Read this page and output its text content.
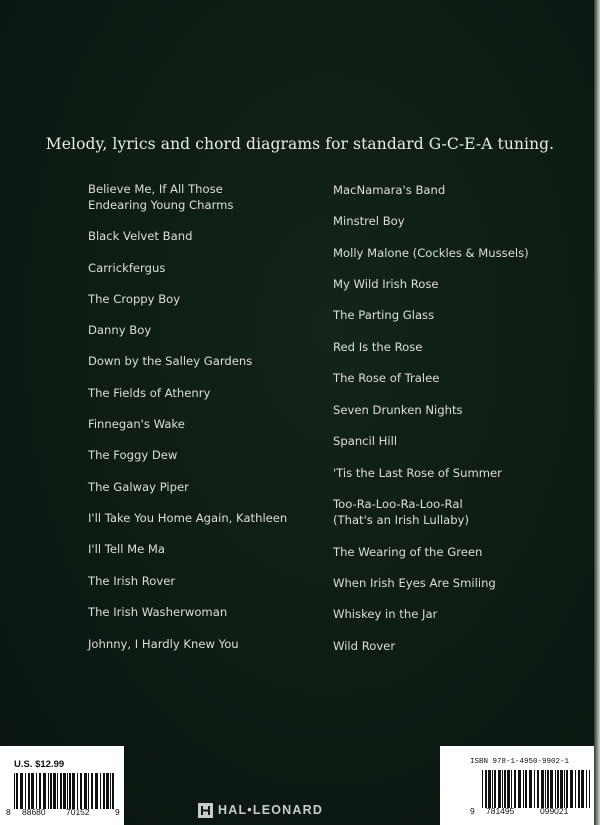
Melody, lyrics and chord diagrams for standard G-C-E-A tuning.
Believe Me, If All Those
Endearing Young Charms
Black Velvet Band
Carrickfergus
The Croppy Boy
Danny Boy
Down by the Salley Gardens
The Fields of Athenry
Finnegan's Wake
The Foggy Dew
The Galway Piper
I'll Take You Home Again, Kathleen
I'll Tell Me Ma
The Irish Rover
The Irish Washerwoman
Johnny, I Hardly Knew You
MacNamara's Band
Minstrel Boy
Molly Malone (Cockles & Mussels)
My Wild Irish Rose
The Parting Glass
Red Is the Rose
The Rose of Tralee
Seven Drunken Nights
Spancil Hill
'Tis the Last Rose of Summer
Too-Ra-Loo-Ra-Loo-Ral
(That's an Irish Lullaby)
The Wearing of the Green
When Irish Eyes Are Smiling
Whiskey in the Jar
Wild Rover
U.S. $12.99
8 88680 70152	9	HAL•LEONARD
ISBN 978-1-4950-9902-1
9 781495	099021
